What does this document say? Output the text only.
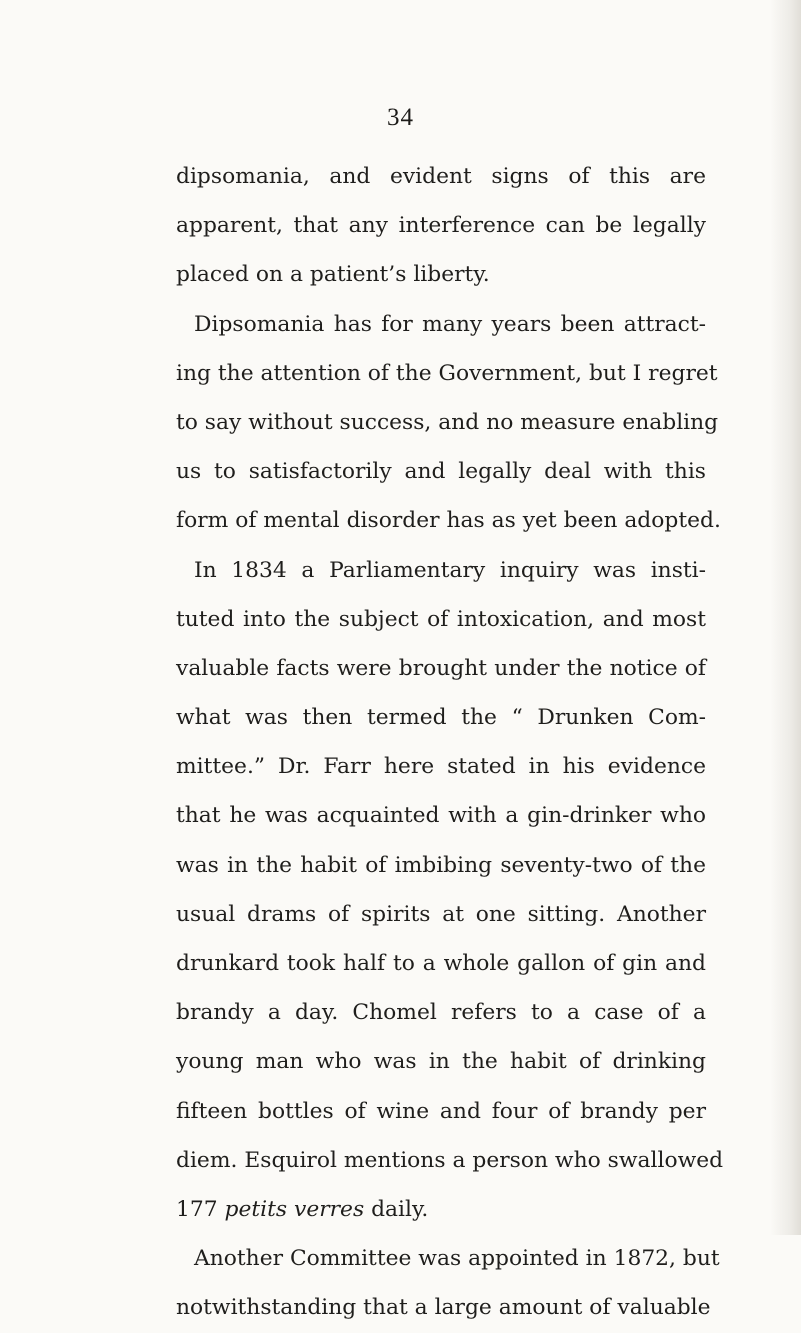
34
dipsomania, and evident signs of this are
apparent, that any interference can be legally
placed on a patient’s liberty.
Dipsomania has for many years been attract-
ing the attention of the Government, but I regret
to say without success, and no measure enabling
us to satisfactorily and legally deal with this
form of mental disorder has as yet been adopted.
In 1834 a Parliamentary inquiry was insti-
tuted into the subject of intoxication, and most
valuable facts were brought under the notice of
what was then termed the “ Drunken Com-
mittee.” Dr. Farr here stated in his evidence
that he was acquainted with a gin-drinker who
was in the habit of imbibing seventy-two of the
usual drams of spirits at one sitting. Another
drunkard took half to a whole gallon of gin and
brandy a day. Chomel refers to a case of a
young man who was in the habit of drinking
fifteen bottles of wine and four of brandy per
diem. Esquirol mentions a person who swallowed
177 petits verres daily.
Another Committee was appointed in 1872, but
notwithstanding that a large amount of valuable
